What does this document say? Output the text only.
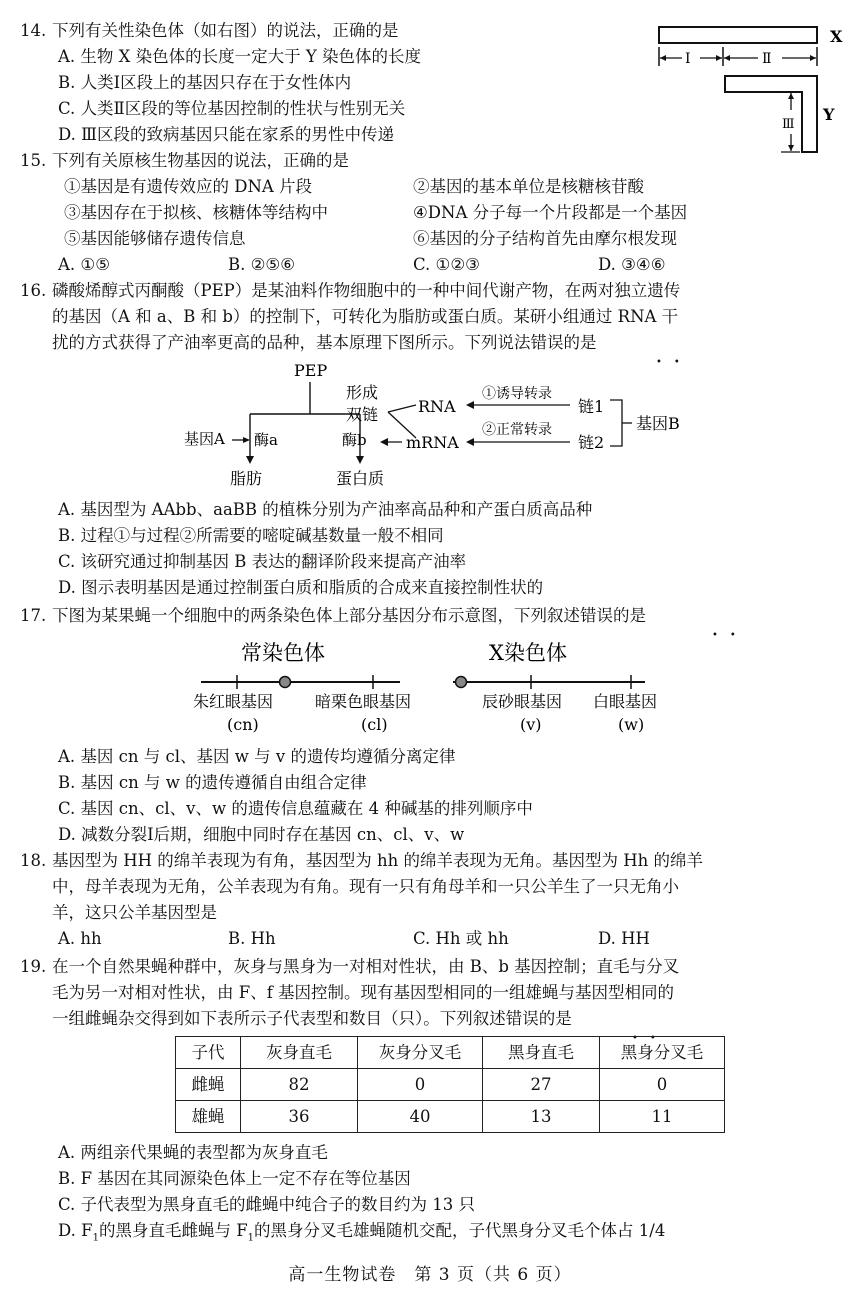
14. 下列有关性染色体（如右图）的说法，正确的是
A. 生物 X 染色体的长度一定大于 Y 染色体的长度
B. 人类Ⅰ区段上的基因只存在于女性体内
C. 人类Ⅱ区段的等位基因控制的性状与性别无关
D. Ⅲ区段的致病基因只能在家系的男性中传递
X
Ⅰ	Ⅱ
Y
Ⅲ
15. 下列有关原核生物基因的说法，正确的是
①基因是有遗传效应的 DNA 片段	②基因的基本单位是核糖核苷酸
③基因存在于拟核、核糖体等结构中	④DNA 分子每一个片段都是一个基因
⑤基因能够储存遗传信息	⑥基因的分子结构首先由摩尔根发现
A. ①⑤	B. ②⑤⑥	C. ①②③	D. ③④⑥
16. 磷酸烯醇式丙酮酸（PEP）是某油料作物细胞中的一种中间代谢产物，在两对独立遗传
的基因（A 和 a、B 和 b）的控制下，可转化为脂肪或蛋白质。某研小组通过 RNA 干
扰的方式获得了产油率更高的品种，基本原理下图所示。下列说法错误的是
••
PEP
基因A 酶a	酶b
形成
双链 RNA
①诱导转录
链1
mRNA
②正常转录
链2
基因B
脂肪	蛋白质
A. 基因型为 AAbb、aaBB 的植株分别为产油率高品种和产蛋白质高品种
B. 过程①与过程②所需要的嘧啶碱基数量一般不相同
C. 该研究通过抑制基因 B 表达的翻译阶段来提高产油率
D. 图示表明基因是通过控制蛋白质和脂质的合成来直接控制性状的
17. 下图为某果蝇一个细胞中的两条染色体上部分基因分布示意图，下列叙述错误的是
••
常染色体	X染色体
朱红眼基因
(cn)
暗栗色眼基因
(cl)
辰砂眼基因
(v)
白眼基因
(w)
A. 基因 cn 与 cl、基因 w 与 v 的遗传均遵循分离定律
B. 基因 cn 与 w 的遗传遵循自由组合定律
C. 基因 cn、cl、v、w 的遗传信息蕴藏在 4 种碱基的排列顺序中
D. 减数分裂Ⅰ后期，细胞中同时存在基因 cn、cl、v、w
18. 基因型为 HH 的绵羊表现为有角，基因型为 hh 的绵羊表现为无角。基因型为 Hh 的绵羊
中，母羊表现为无角，公羊表现为有角。现有一只有角母羊和一只公羊生了一只无角小
羊，这只公羊基因型是
A. hh	B. Hh	C. Hh 或 hh	D. HH
19. 在一个自然果蝇种群中，灰身与黑身为一对相对性状，由 B、b 基因控制；直毛与分叉
毛为另一对相对性状，由 F、f 基因控制。现有基因型相同的一组雄蝇与基因型相同的
一组雌蝇杂交得到如下表所示子代表型和数目（只）。下列叙述错误的是
••
子代	灰身直毛	灰身分叉毛	黑身直毛	黑身分叉毛
雌蝇	82	0	27	0
雄蝇	36	40	13	11
A. 两组亲代果蝇的表型都为灰身直毛
B. F 基因在其同源染色体上一定不存在等位基因
C. 子代表型为黑身直毛的雌蝇中纯合子的数目约为 13 只
D. $F_1$的黑身直毛雌蝇与 $F_1$的黑身分叉毛雄蝇随机交配，子代黑身分叉毛个体占 1/4
高一生物试卷　第 3 页（共 6 页）
